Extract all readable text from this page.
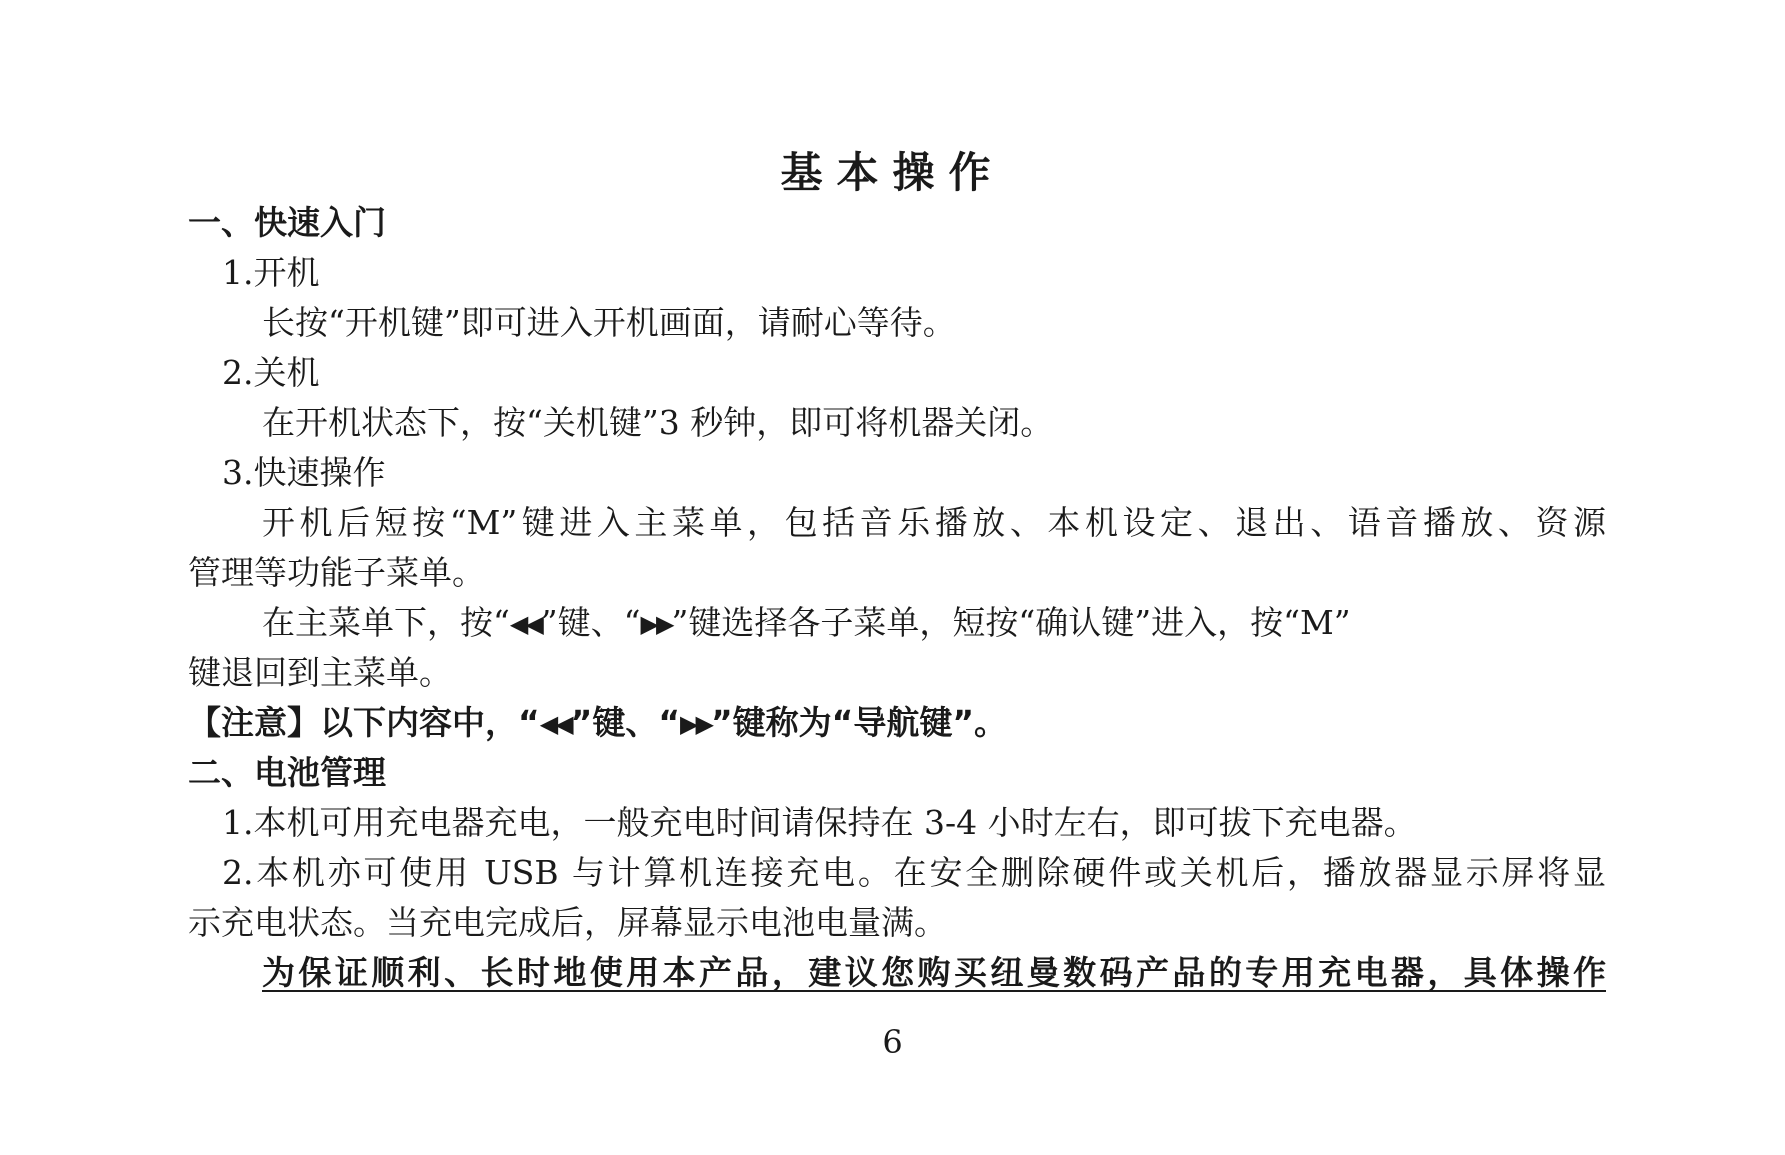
基本操作
一、快速入门
1.开机
长按“开机键”即可进入开机画面，请耐心等待。
2.关机
在开机状态下，按“关机键”3 秒钟，即可将机器关闭。
3.快速操作
开机后短按“M”键进入主菜单，包括音乐播放、本机设定、退出、语音播放、资源
管理等功能子菜单。
在主菜单下，按“◀◀”键、“▶▶”键选择各子菜单，短按“确认键”进入，按“M”
键退回到主菜单。
【注意】以下内容中，“◀◀”键、“▶▶”键称为“导航键”。
二、电池管理
1.本机可用充电器充电，一般充电时间请保持在 3-4 小时左右，即可拔下充电器。
2.本机亦可使用 USB 与计算机连接充电。在安全删除硬件或关机后，播放器显示屏将显
示充电状态。当充电完成后，屏幕显示电池电量满。
为保证顺利、长时地使用本产品，建议您购买纽曼数码产品的专用充电器，具体操作
6
